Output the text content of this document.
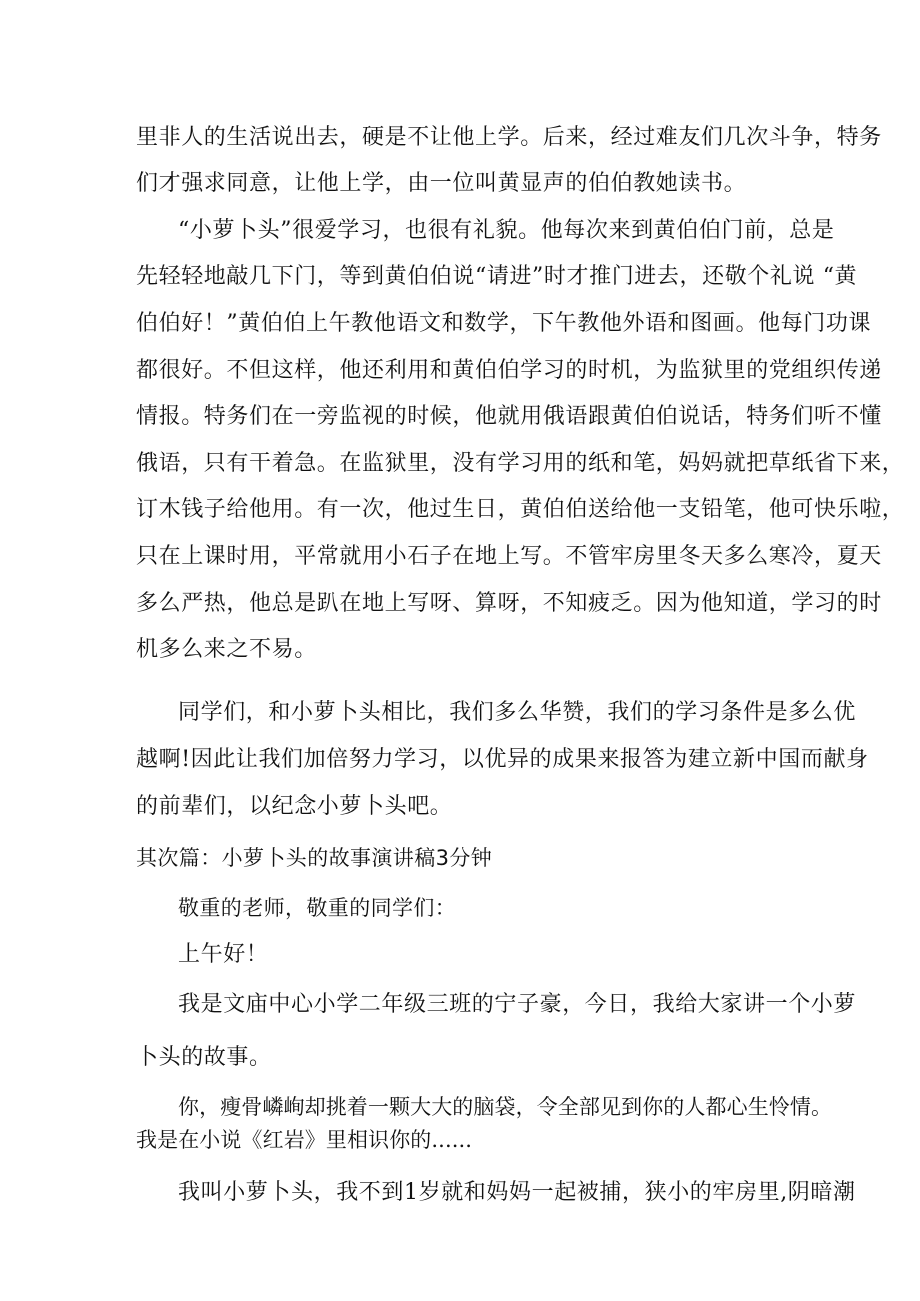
里非人的生活说出去，硬是不让他上学。后来，经过难友们几次斗争，特务
们才强求同意，让他上学，由一位叫黄显声的伯伯教她读书。
“小萝卜头”很爱学习，也很有礼貌。他每次来到黄伯伯门前，总是
先轻轻地敲几下门，等到黄伯伯说“请进”时才推门进去，还敬个礼说 “黄
伯伯好！”黄伯伯上午教他语文和数学，下午教他外语和图画。他每门功课
都很好。不但这样，他还利用和黄伯伯学习的时机，为监狱里的党组织传递
情报。特务们在一旁监视的时候，他就用俄语跟黄伯伯说话，特务们听不懂
俄语，只有干着急。在监狱里，没有学习用的纸和笔，妈妈就把草纸省下来，
订木钱子给他用。有一次，他过生日，黄伯伯送给他一支铅笔，他可快乐啦，
只在上课时用，平常就用小石子在地上写。不管牢房里冬天多么寒冷，夏天
多么严热，他总是趴在地上写呀、算呀，不知疲乏。因为他知道，学习的时
机多么来之不易。
同学们，和小萝卜头相比，我们多么华赞，我们的学习条件是多么优
越啊!因此让我们加倍努力学习，以优异的成果来报答为建立新中国而献身
的前辈们，以纪念小萝卜头吧。
其次篇：小萝卜头的故事演讲稿3分钟
敬重的老师，敬重的同学们：
上午好！
我是文庙中心小学二年级三班的宁子豪，今日，我给大家讲一个小萝
卜头的故事。
你，瘦骨嶙峋却挑着一颗大大的脑袋，令全部见到你的人都心生怜情。
我是在小说《红岩》里相识你的......
我叫小萝卜头，我不到1岁就和妈妈一起被捕，狭小的牢房里,阴暗潮
